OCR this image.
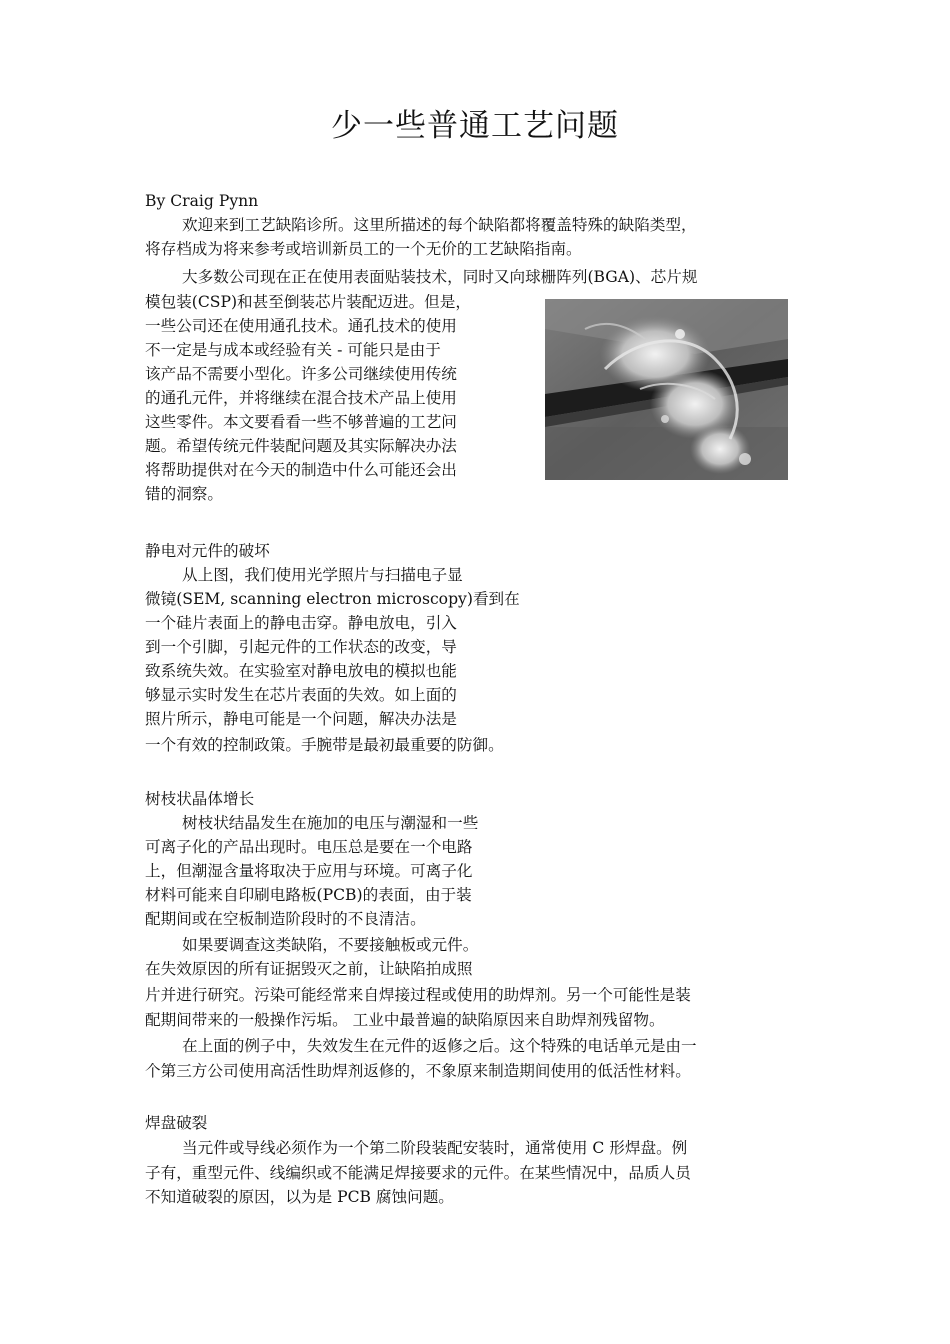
少一些普通工艺问题
By Craig Pynn
欢迎来到工艺缺陷诊所。这里所描述的每个缺陷都将覆盖特殊的缺陷类型，
将存档成为将来参考或培训新员工的一个无价的工艺缺陷指南。
大多数公司现在正在使用表面贴装技术，同时又向球栅阵列(BGA)、芯片规
模包装(CSP)和甚至倒装芯片装配迈进。但是，
一些公司还在使用通孔技术。通孔技术的使用
不一定是与成本或经验有关 - 可能只是由于
该产品不需要小型化。许多公司继续使用传统
的通孔元件，并将继续在混合技术产品上使用
这些零件。本文要看看一些不够普遍的工艺问
题。希望传统元件装配问题及其实际解决办法
将帮助提供对在今天的制造中什么可能还会出
错的洞察。
静电对元件的破坏
从上图，我们使用光学照片与扫描电子显
微镜(SEM, scanning electron microscopy)看到在
一个硅片表面上的静电击穿。静电放电，引入
到一个引脚，引起元件的工作状态的改变，导
致系统失效。在实验室对静电放电的模拟也能
够显示实时发生在芯片表面的失效。如上面的
照片所示，静电可能是一个问题，解决办法是
一个有效的控制政策。手腕带是最初最重要的防御。
树枝状晶体增长
树枝状结晶发生在施加的电压与潮湿和一些
可离子化的产品出现时。电压总是要在一个电路
上，但潮湿含量将取决于应用与环境。可离子化
材料可能来自印刷电路板(PCB)的表面，由于装
配期间或在空板制造阶段时的不良清洁。
如果要调查这类缺陷，不要接触板或元件。
在失效原因的所有证据毁灭之前，让缺陷拍成照
片并进行研究。污染可能经常来自焊接过程或使用的助焊剂。另一个可能性是装
配期间带来的一般操作污垢。 工业中最普遍的缺陷原因来自助焊剂残留物。
在上面的例子中，失效发生在元件的返修之后。这个特殊的电话单元是由一
个第三方公司使用高活性助焊剂返修的，不象原来制造期间使用的低活性材料。
焊盘破裂
当元件或导线必须作为一个第二阶段装配安装时，通常使用 C 形焊盘。例
子有，重型元件、线编织或不能满足焊接要求的元件。在某些情况中，品质人员
不知道破裂的原因，以为是 PCB 腐蚀问题。
